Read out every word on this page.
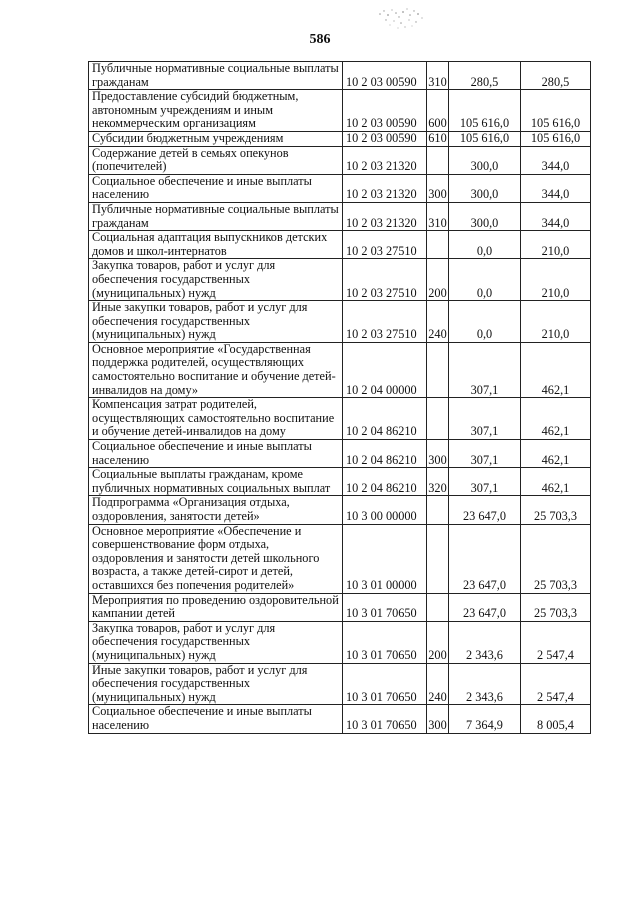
586
Публичные нормативные социальные выплаты гражданам	10 2 03 00590	310	280,5	280,5
Предоставление субсидий бюджетным, автономным учреждениям и иным некоммерческим организациям	10 2 03 00590	600	105 616,0	105 616,0
Субсидии бюджетным учреждениям	10 2 03 00590	610	105 616,0	105 616,0
Содержание детей в семьях опекунов (попечителей)	10 2 03 21320		300,0	344,0
Социальное обеспечение и иные выплаты населению	10 2 03 21320	300	300,0	344,0
Публичные нормативные социальные выплаты гражданам	10 2 03 21320	310	300,0	344,0
Социальная адаптация выпускников детских домов и школ-интернатов	10 2 03 27510		0,0	210,0
Закупка товаров, работ и услуг для обеспечения государственных (муниципальных) нужд	10 2 03 27510	200	0,0	210,0
Иные закупки товаров, работ и услуг для обеспечения государственных (муниципальных) нужд	10 2 03 27510	240	0,0	210,0
Основное мероприятие «Государственная поддержка родителей, осуществляющих самостоятельно воспитание и обучение детей-инвалидов на дому»	10 2 04 00000		307,1	462,1
Компенсация затрат родителей, осуществляющих самостоятельно воспитание и обучение детей-инвалидов на дому	10 2 04 86210		307,1	462,1
Социальное обеспечение и иные выплаты населению	10 2 04 86210	300	307,1	462,1
Социальные выплаты гражданам, кроме публичных нормативных социальных выплат	10 2 04 86210	320	307,1	462,1
Подпрограмма «Организация отдыха, оздоровления, занятости детей»	10 3 00 00000		23 647,0	25 703,3
Основное мероприятие «Обеспечение и совершенствование форм отдыха, оздоровления и занятости детей школьного возраста, а также детей-сирот и детей, оставшихся без попечения родителей»	10 3 01 00000		23 647,0	25 703,3
Мероприятия по проведению оздоровительной кампании детей	10 3 01 70650		23 647,0	25 703,3
Закупка товаров, работ и услуг для обеспечения государственных (муниципальных) нужд	10 3 01 70650	200	2 343,6	2 547,4
Иные закупки товаров, работ и услуг для обеспечения государственных (муниципальных) нужд	10 3 01 70650	240	2 343,6	2 547,4
Социальное обеспечение и иные выплаты населению	10 3 01 70650	300	7 364,9	8 005,4
